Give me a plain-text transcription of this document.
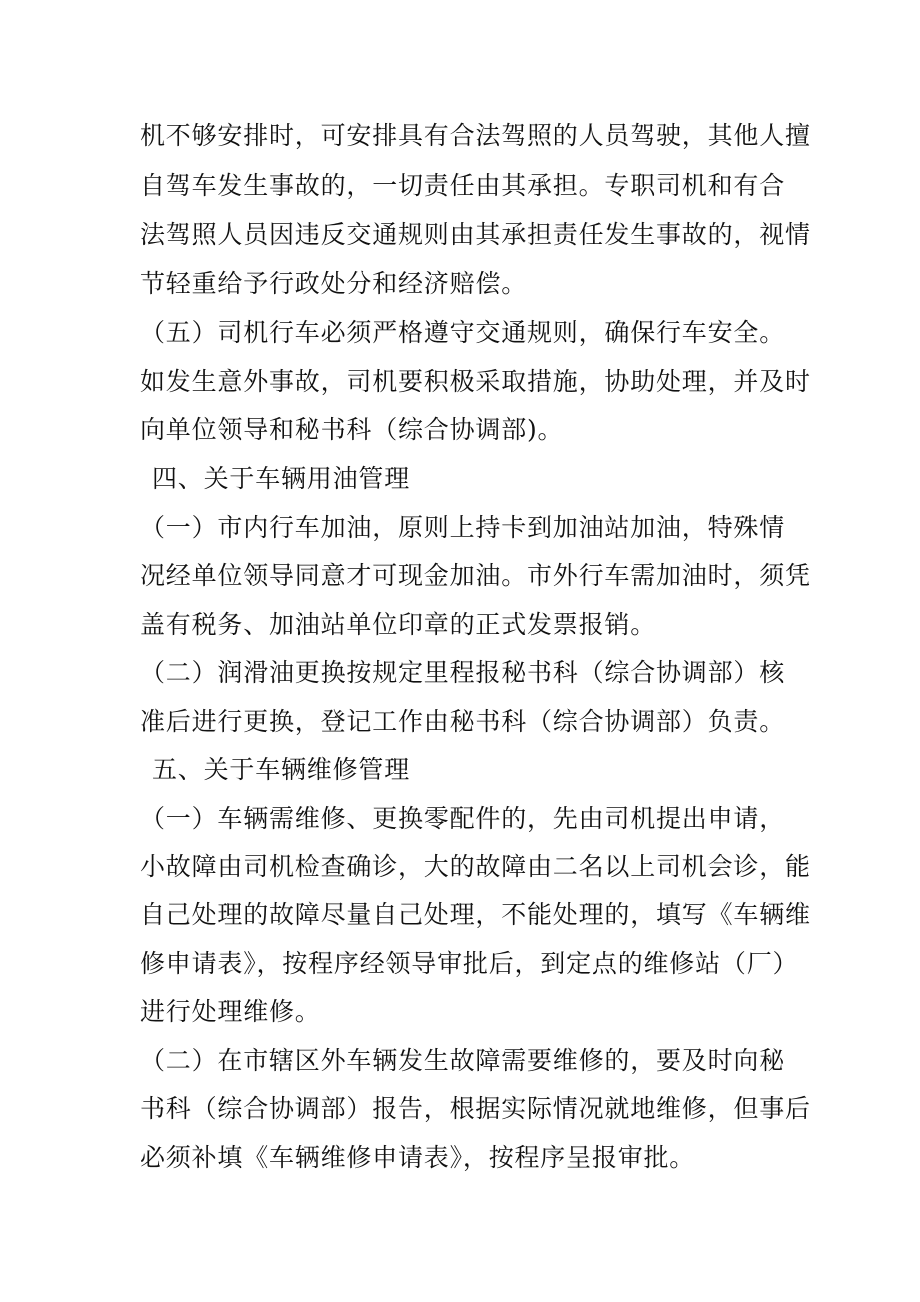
机不够安排时，可安排具有合法驾照的人员驾驶，其他人擅
自驾车发生事故的，一切责任由其承担。专职司机和有合
法驾照人员因违反交通规则由其承担责任发生事故的，视情
节轻重给予行政处分和经济赔偿。
（五）司机行车必须严格遵守交通规则，确保行车安全。
如发生意外事故，司机要积极采取措施，协助处理，并及时
向单位领导和秘书科（综合协调部)。
四、关于车辆用油管理
（一）市内行车加油，原则上持卡到加油站加油，特殊情
况经单位领导同意才可现金加油。市外行车需加油时，须凭
盖有税务、加油站单位印章的正式发票报销。
（二）润滑油更换按规定里程报秘书科（综合协调部）核
准后进行更换，登记工作由秘书科（综合协调部）负责。
五、关于车辆维修管理
（一）车辆需维修、更换零配件的，先由司机提出申请，
小故障由司机检查确诊，大的故障由二名以上司机会诊，能
自己处理的故障尽量自己处理，不能处理的，填写《车辆维
修申请表》，按程序经领导审批后，到定点的维修站（厂）
进行处理维修。
（二）在市辖区外车辆发生故障需要维修的，要及时向秘
书科（综合协调部）报告，根据实际情况就地维修，但事后
必须补填《车辆维修申请表》，按程序呈报审批。
